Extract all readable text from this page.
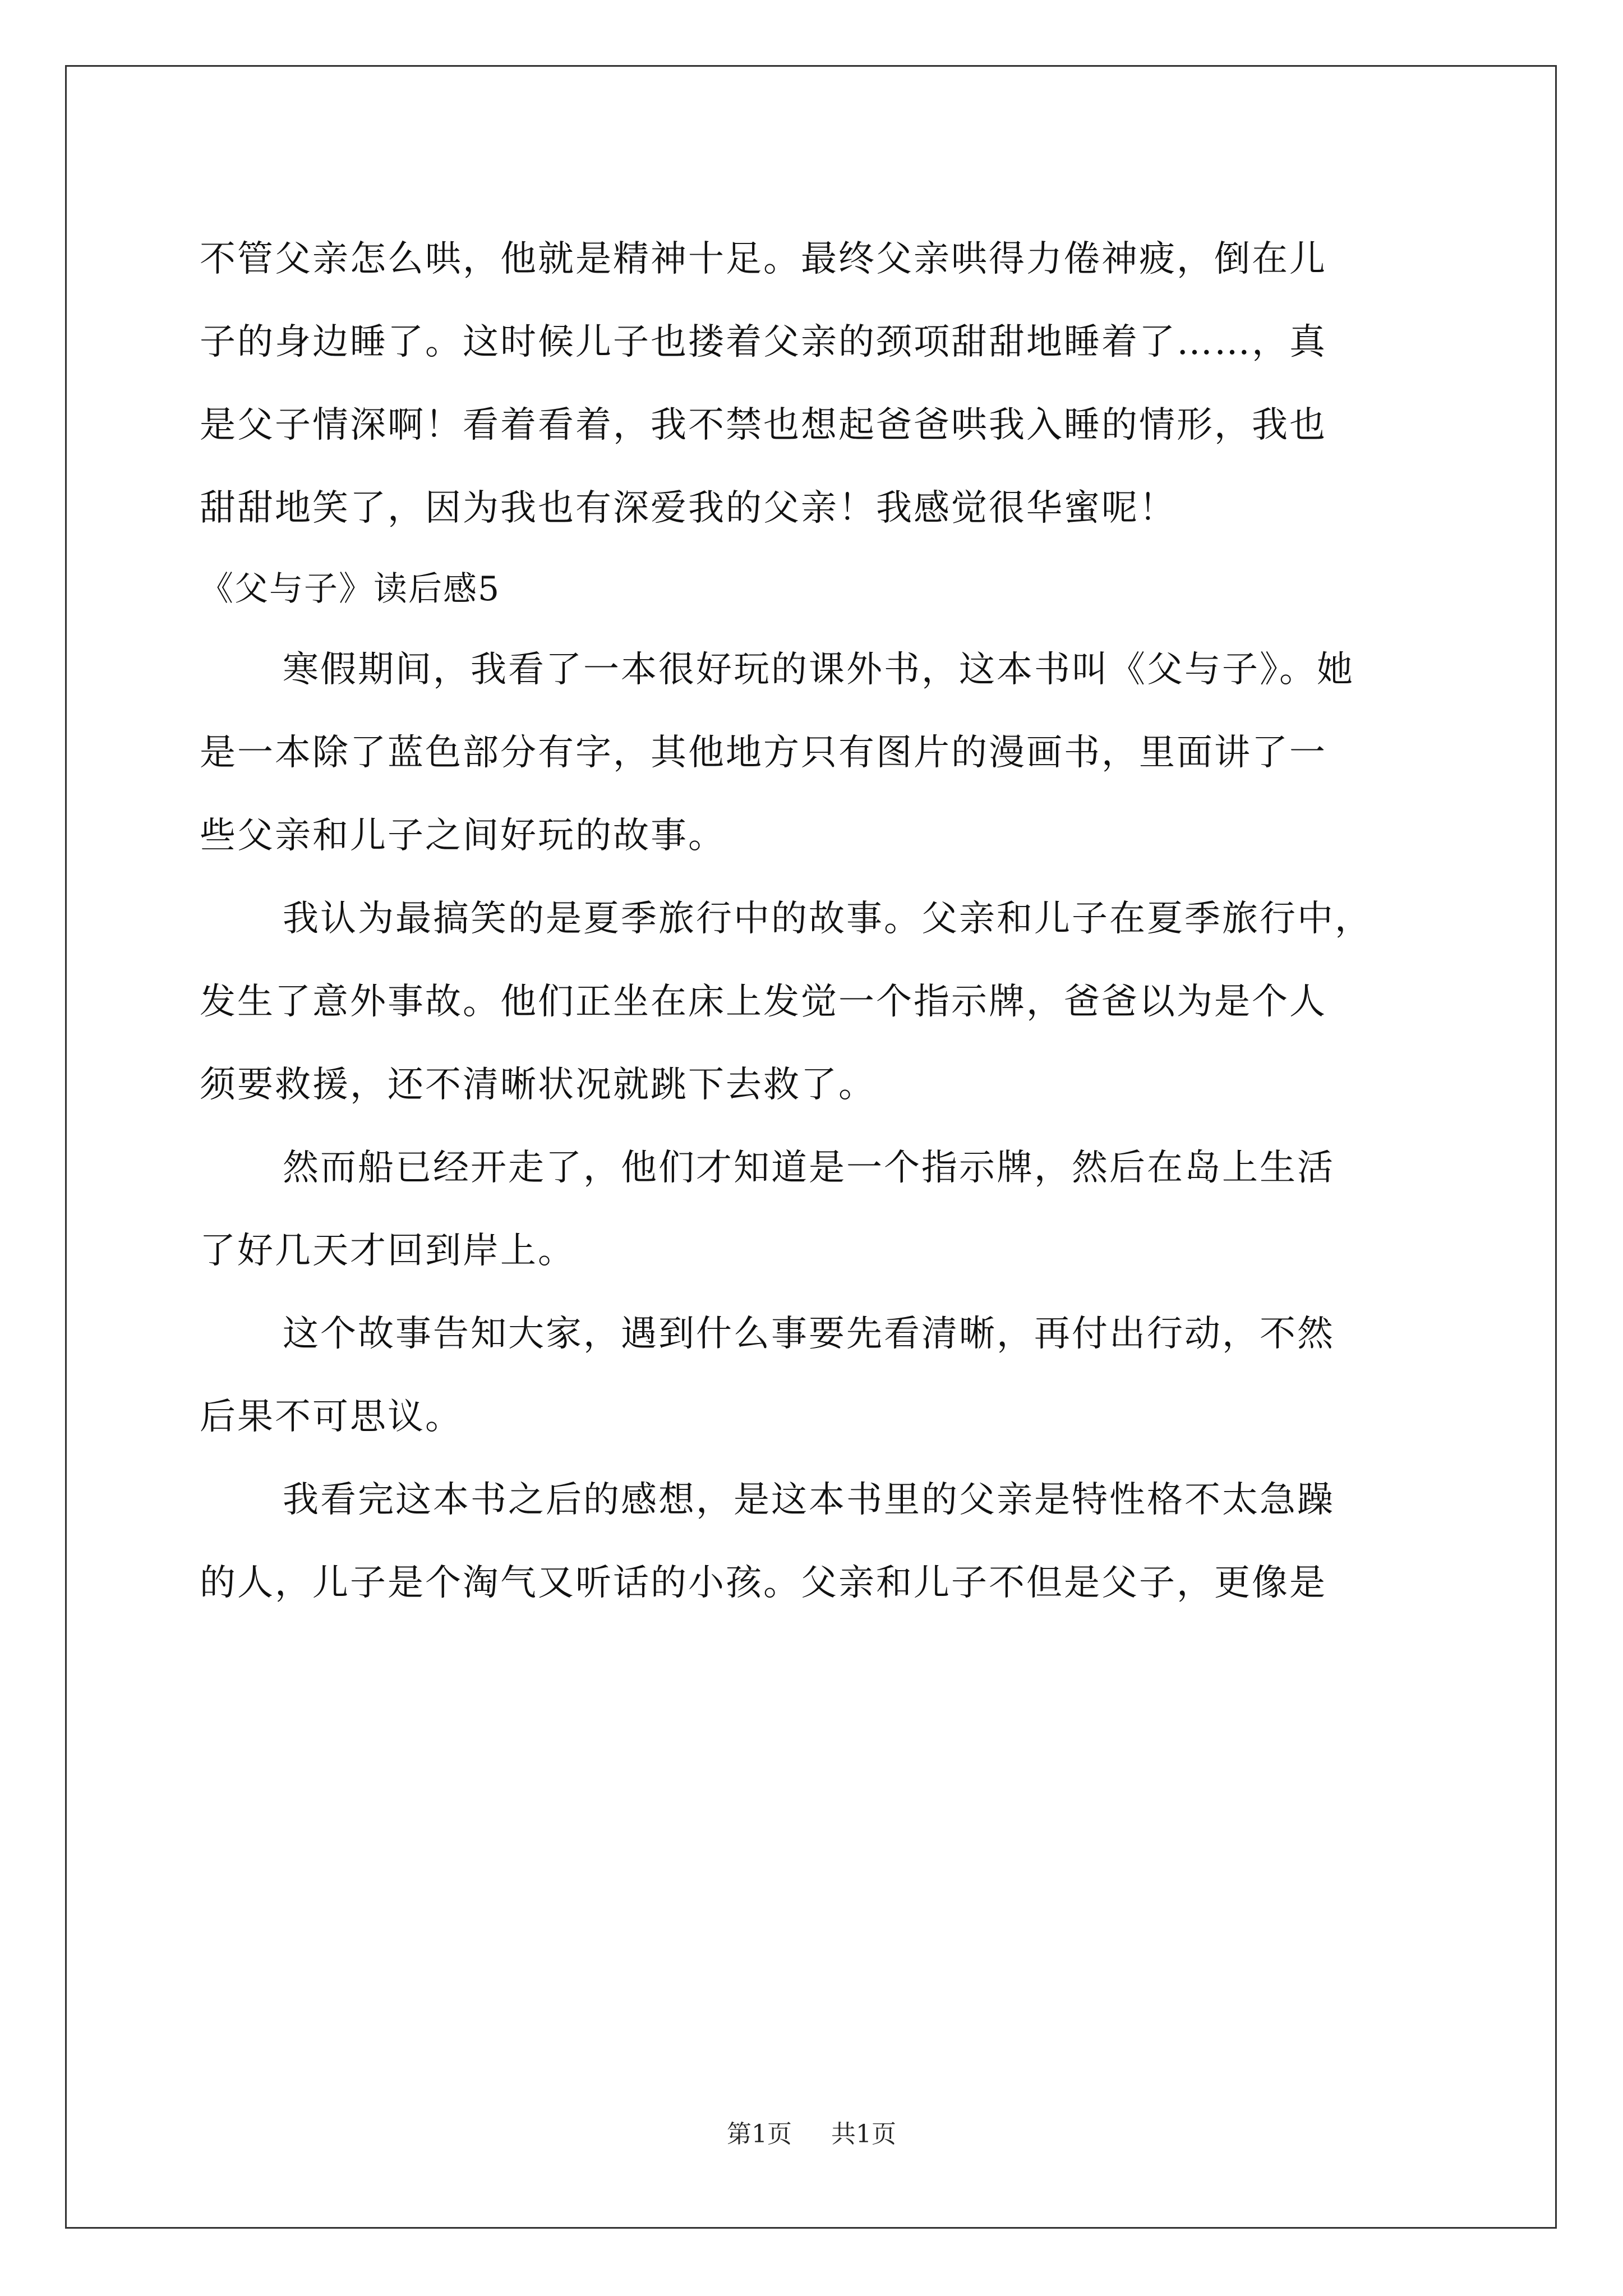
不管父亲怎么哄，他就是精神十足。最终父亲哄得力倦神疲，倒在儿
子的身边睡了。这时候儿子也搂着父亲的颈项甜甜地睡着了……，真
是父子情深啊！看着看着，我不禁也想起爸爸哄我入睡的情形，我也
甜甜地笑了，因为我也有深爱我的父亲！我感觉很华蜜呢！
《父与子》读后感5
寒假期间，我看了一本很好玩的课外书，这本书叫《父与子》。她
是一本除了蓝色部分有字，其他地方只有图片的漫画书，里面讲了一
些父亲和儿子之间好玩的故事。
我认为最搞笑的是夏季旅行中的故事。父亲和儿子在夏季旅行中，
发生了意外事故。他们正坐在床上发觉一个指示牌，爸爸以为是个人
须要救援，还不清晰状况就跳下去救了。
然而船已经开走了，他们才知道是一个指示牌，然后在岛上生活
了好几天才回到岸上。
这个故事告知大家，遇到什么事要先看清晰，再付出行动，不然
后果不可思议。
我看完这本书之后的感想，是这本书里的父亲是特性格不太急躁
的人，儿子是个淘气又听话的小孩。父亲和儿子不但是父子，更像是
第1页 共1页
